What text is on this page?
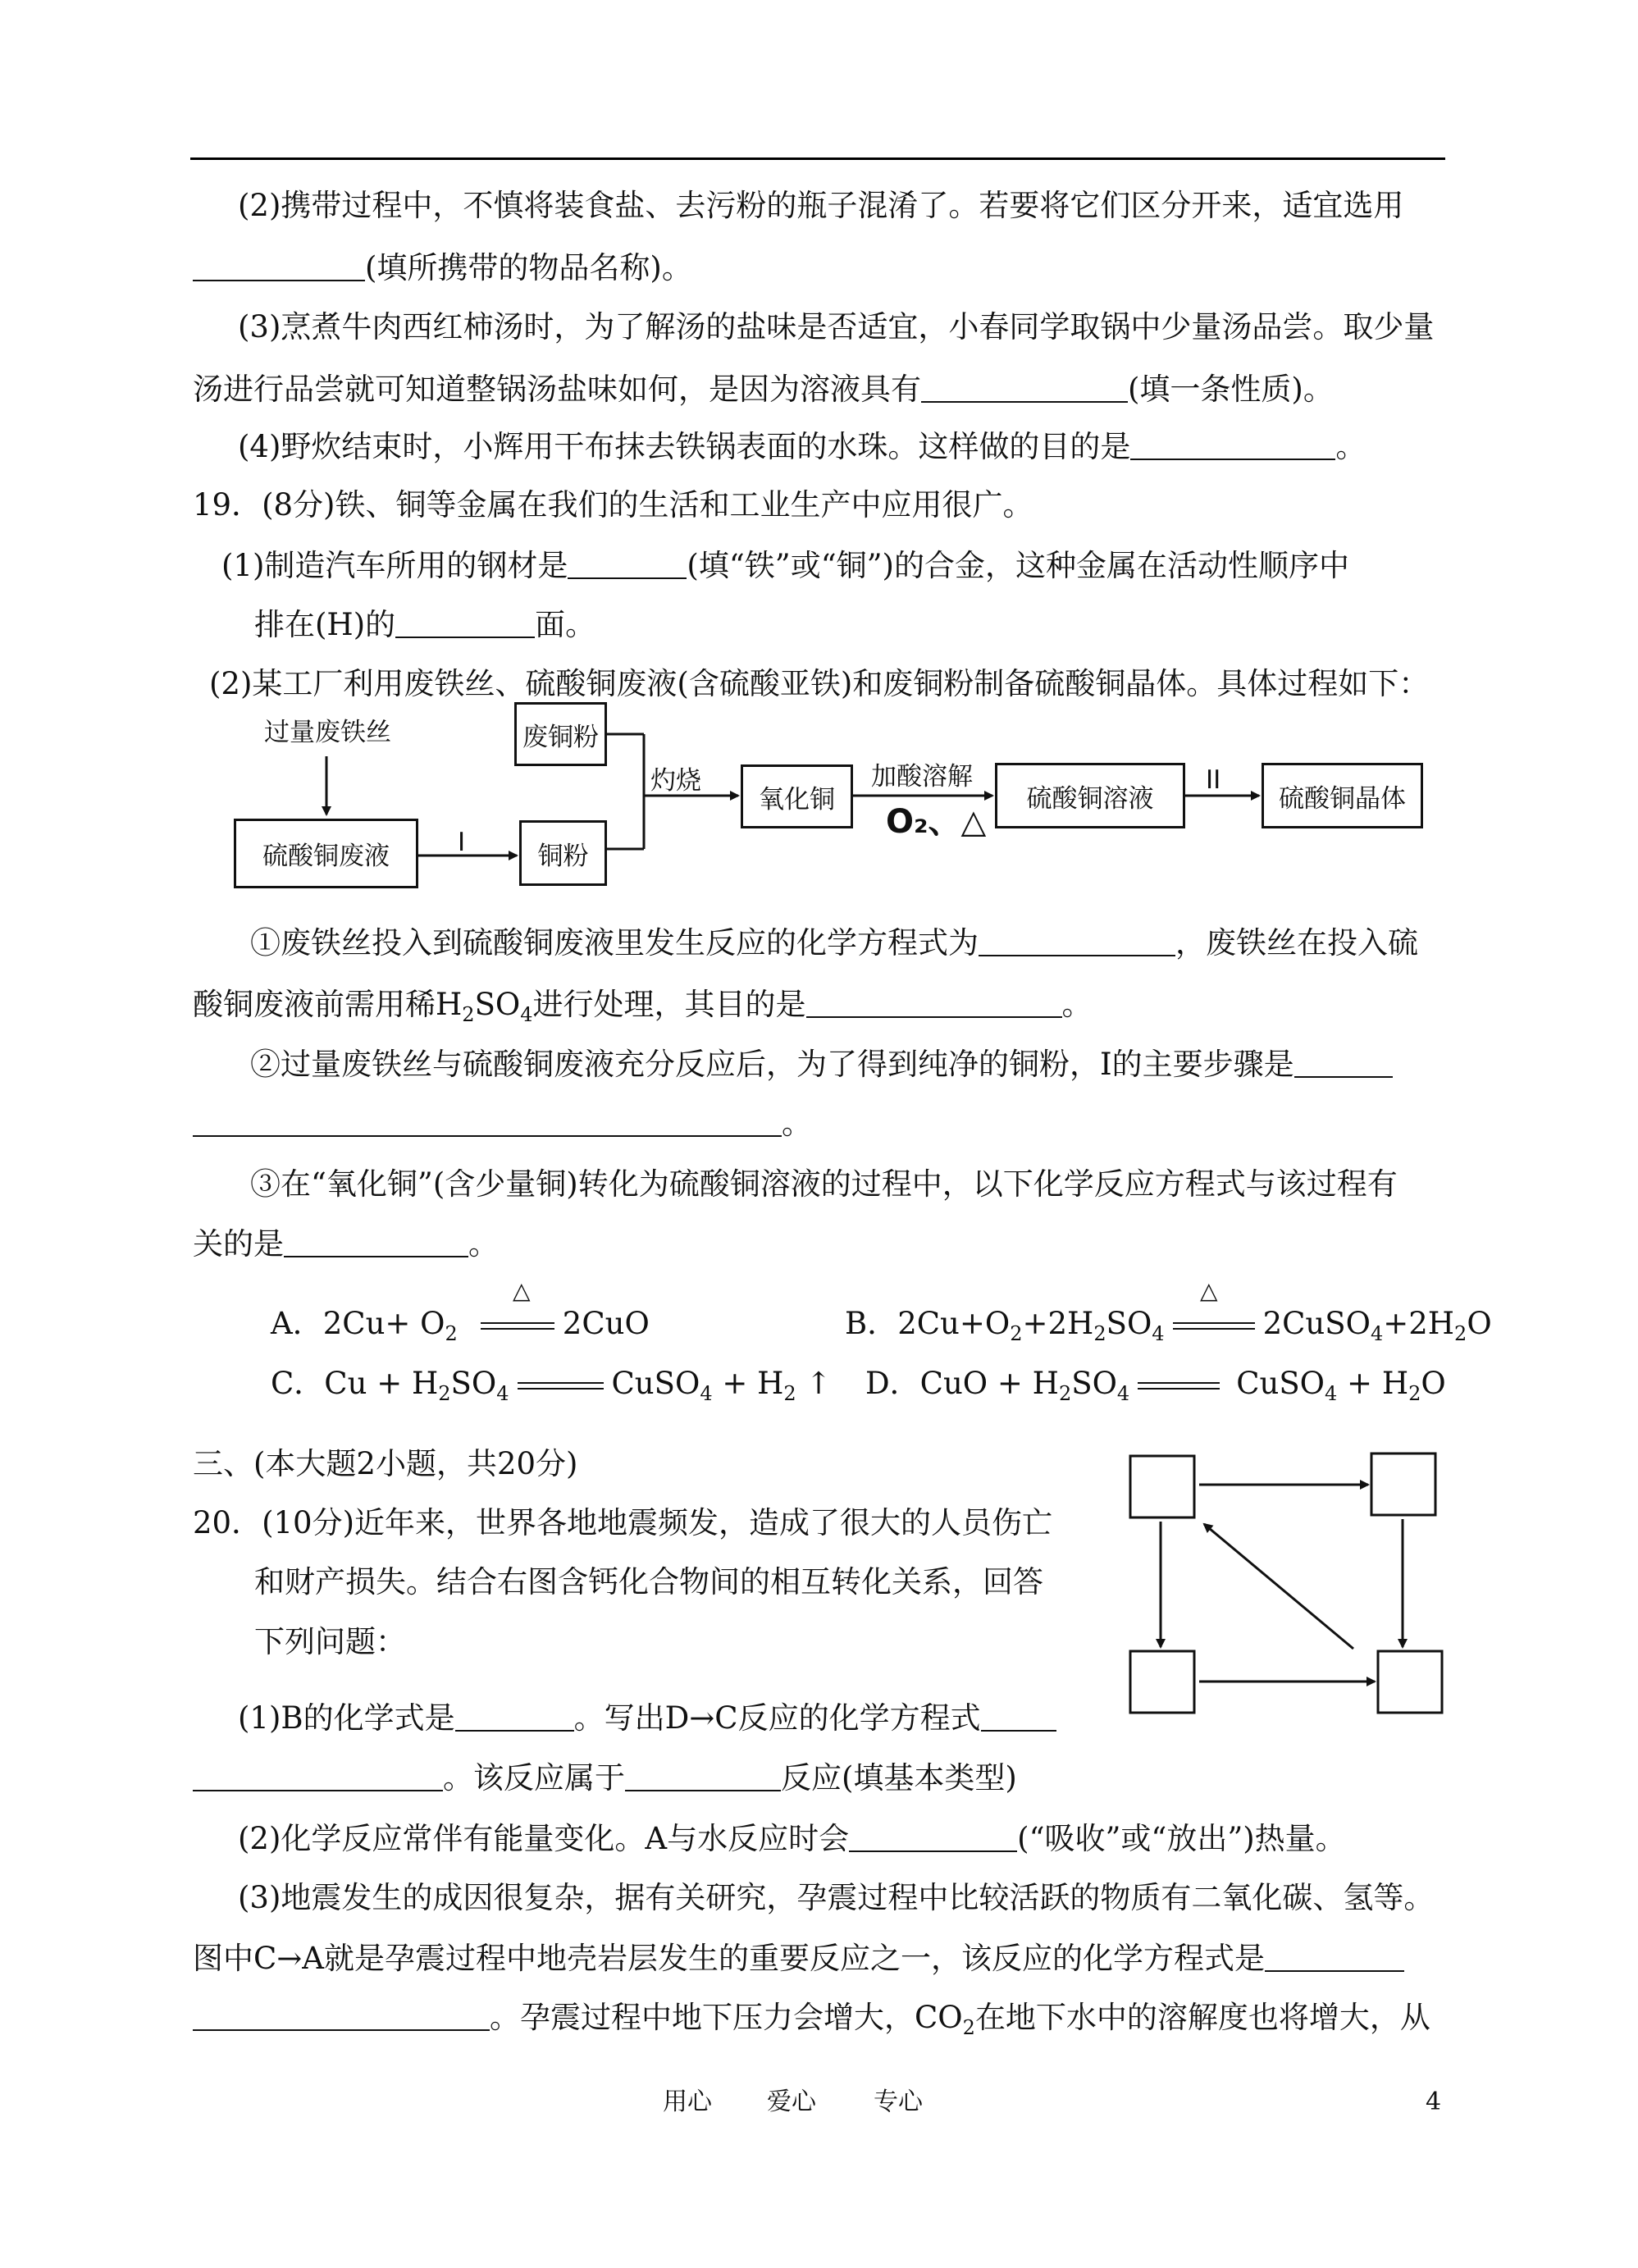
(2)携带过程中，不慎将装食盐、去污粉的瓶子混淆了。若要将它们区分开来，适宜选用
(填所携带的物品名称)。
(3)烹煮牛肉西红柿汤时，为了解汤的盐味是否适宜，小春同学取锅中少量汤品尝。取少量
汤进行品尝就可知道整锅汤盐味如何，是因为溶液具有	(填一条性质)。
(4)野炊结束时，小辉用干布抹去铁锅表面的水珠。这样做的目的是	。
19．(8分)铁、铜等金属在我们的生活和工业生产中应用很广。
(1)制造汽车所用的钢材是	(填“铁”或“铜”)的合金，这种金属在活动性顺序中
排在(H)的	面。
(2)某工厂利用废铁丝、硫酸铜废液(含硫酸亚铁)和废铜粉制备硫酸铜晶体。具体过程如下：
过量废铁丝
硫酸铜废液	I	铜粉
废铜粉
灼烧
氧化铜
加酸溶解
O₂、△
硫酸铜溶液
II
硫酸铜晶体
①废铁丝投入到硫酸铜废液里发生反应的化学方程式为	，废铁丝在投入硫
酸铜废液前需用稀$H_2SO_4$进行处理，其目的是	。
②过量废铁丝与硫酸铜废液充分反应后，为了得到纯净的铜粉，Ⅰ的主要步骤是
。
③在“氧化铜”(含少量铜)转化为硫酸铜溶液的过程中，以下化学反应方程式与该过程有
关的是	。
△	△
A．$2Cu+ O_2$	2CuO	B．$2Cu+O_2+2H_2SO_4$	$2CuSO_4+2H_2O$
C．$Cu + H_2SO_4$	CuSO$_4$ + $H_2$ ↑ D．CuO + $H_2SO_4$	CuSO$_4$ + $H_2O$
三、(本大题2小题，共20分)
20．(10分)近年来，世界各地地震频发，造成了很大的人员伤亡
和财产损失。结合右图含钙化合物间的相互转化关系，回答
下列问题：
(1)B的化学式是	。写出D→C反应的化学方程式
。该反应属于	反应(填基本类型)
(2)化学反应常伴有能量变化。A与水反应时会	(“吸收”或“放出”)热量。
(3)地震发生的成因很复杂，据有关研究，孕震过程中比较活跃的物质有二氧化碳、氢等。
图中C→A就是孕震过程中地壳岩层发生的重要反应之一，该反应的化学方程式是
。孕震过程中地下压力会增大，$CO_2$在地下水中的溶解度也将增大，从
用心 爱心 专心	4
